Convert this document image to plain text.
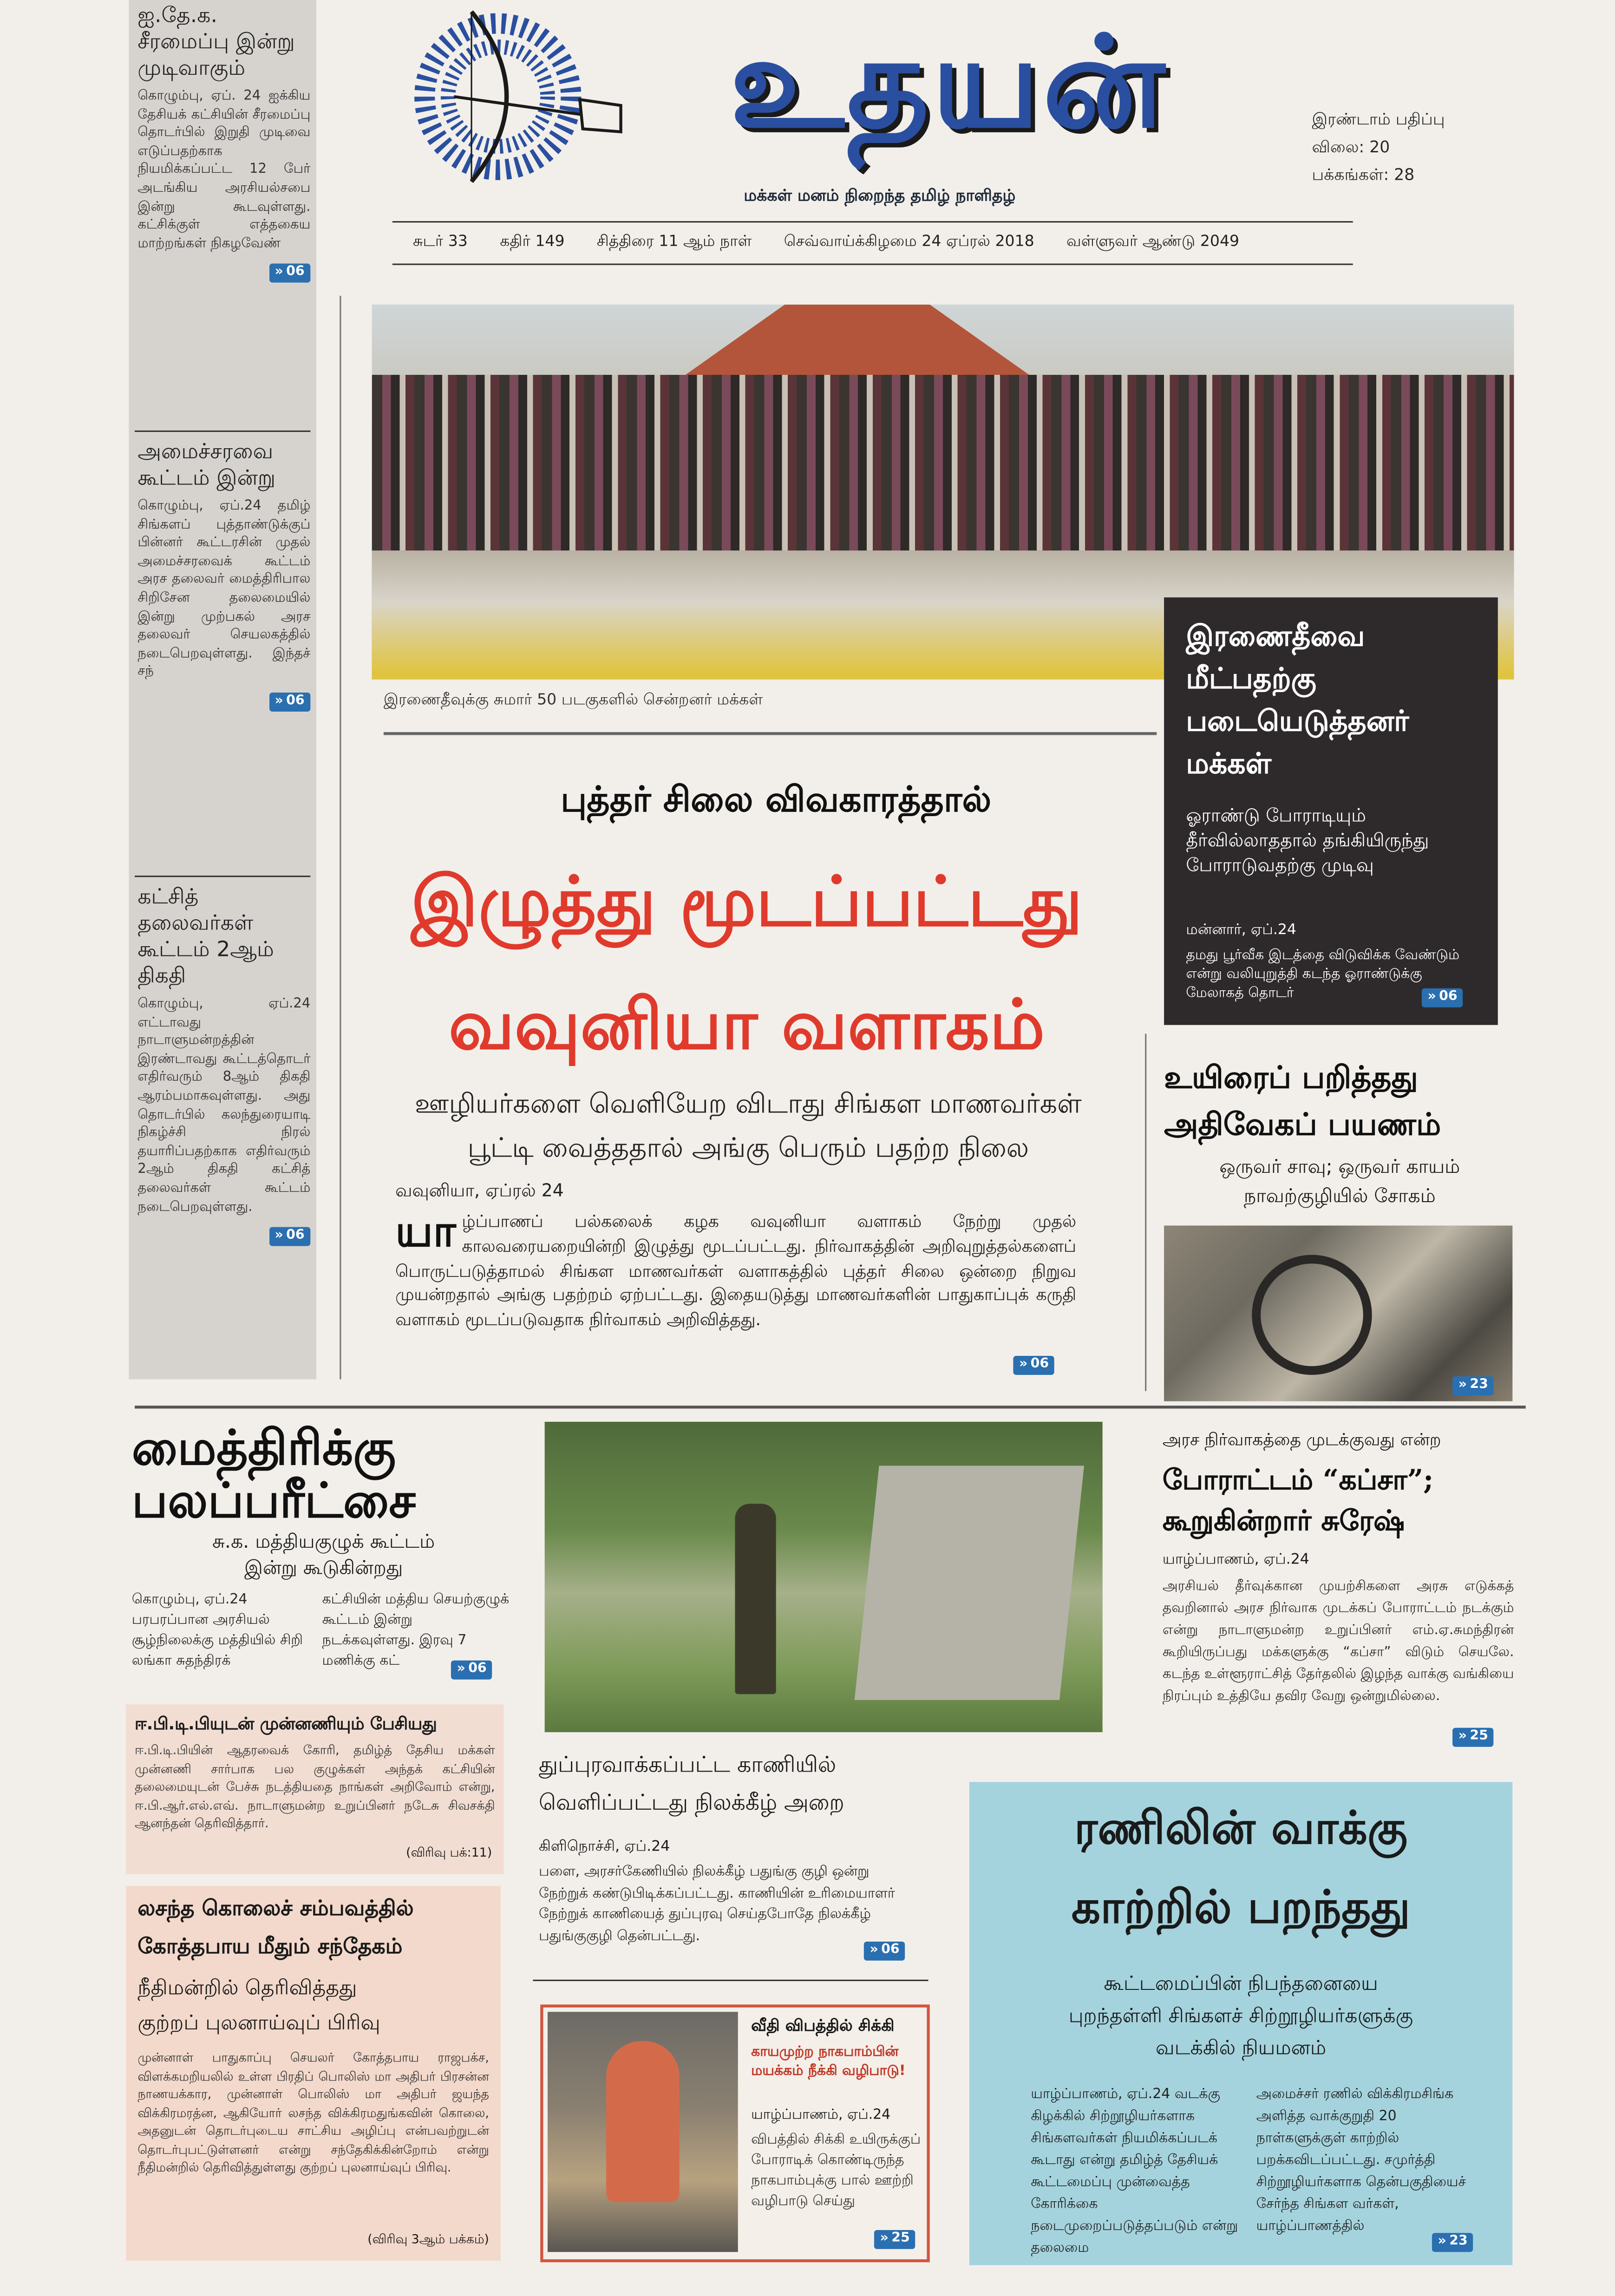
ஐ.தே.க. சீரமைப்பு இன்று முடிவாகும்
கொழும்பு, ஏப். 24 ஐக்கிய தேசியக் கட்சியின் சீரமைப்பு தொடர்பில் இறுதி முடிவை எடுப்பதற்காக நியமிக்கப்பட்ட 12 பேர் அடங்கிய அரசியல்சபை இன்று கூடவுள்ளது. கட்சிக்குள் எத்தகைய மாற்றங்கள் நிகழவேண்
» 06
அமைச்சரவை கூட்டம் இன்று
கொழும்பு, ஏப்.24 தமிழ் சிங்களப் புத்தாண்டுக்குப் பின்னர் கூட்டரசின் முதல் அமைச்சரவைக் கூட்டம் அரச தலைவர் மைத்திரிபால சிறிசேன தலைமையில் இன்று முற்பகல் அரச தலைவர் செயலகத்தில் நடைபெறவுள்ளது. இந்தச் சந்
» 06
கட்சித் தலைவர்கள் கூட்டம் 2ஆம் திகதி
கொழும்பு, ஏப்.24 எட்டாவது நாடாளுமன்றத்தின் இரண்டாவது கூட்டத்தொடர் எதிர்வரும் 8ஆம் திகதி ஆரம்பமாகவுள்ளது. அது தொடர்பில் கலந்துரையாடி நிகழ்ச்சி நிரல் தயாரிப்பதற்காக எதிர்வரும் 2ஆம் திகதி கட்சித் தலைவர்கள் கூட்டம் நடைபெறவுள்ளது.
» 06
உதயன்
மக்கள் மனம் நிறைந்த தமிழ் நாளிதழ்
இரண்டாம் பதிப்பு
விலை: 20
பக்கங்கள்: 28
சுடர் 33	கதிர் 149	சித்திரை 11 ஆம் நாள்	செவ்வாய்க்கிழமை 24 ஏப்ரல் 2018	வள்ளுவர் ஆண்டு 2049
இரணைதீவுக்கு சுமார் 50 படகுகளில் சென்றனர் மக்கள்
இரணைதீவை மீட்பதற்கு படையெடுத்தனர் மக்கள்
ஓராண்டு போராடியும் தீர்வில்லாததால் தங்கியிருந்து போராடுவதற்கு முடிவு
மன்னார், ஏப்.24
தமது பூர்வீக இடத்தை விடுவிக்க வேண்டும் என்று வலியுறுத்தி கடந்த ஓராண்டுக்கு மேலாகத் தொடர்	» 06
புத்தர் சிலை விவகாரத்தால்
இழுத்து மூடப்பட்டது
வவுனியா வளாகம்
ஊழியர்களை வெளியேற விடாது சிங்கள மாணவர்கள்
பூட்டி வைத்ததால் அங்கு பெரும் பதற்ற நிலை
வவுனியா, ஏப்ரல் 24
யா ழ்ப்பாணப் பல்கலைக் கழக வவுனியா வளாகம் நேற்று முதல் காலவரையறையின்றி இழுத்து மூடப்பட்டது. நிர்வாகத்தின் அறிவுறுத்தல்களைப் பொருட்படுத்தாமல் சிங்கள மாணவர்கள் வளாகத்தில் புத்தர் சிலை ஒன்றை நிறுவ முயன்றதால் அங்கு பதற்றம் ஏற்பட்டது. இதையடுத்து மாணவர்களின் பாதுகாப்புக் கருதி வளாகம் மூடப்படுவதாக நிர்வாகம் அறிவித்தது.
» 06
உயிரைப் பறித்தது
அதிவேகப் பயணம்
ஒருவர் சாவு; ஒருவர் காயம்
நாவற்குழியில் சோகம்
» 23
மைத்திரிக்கு
பலப்பரீட்சை
சு.க. மத்தியகுழுக் கூட்டம்
இன்று கூடுகின்றது
கொழும்பு, ஏப்.24 பரபரப்பான அரசியல் சூழ்நிலைக்கு மத்தியில் சிறி லங்கா சுதந்திரக்
கட்சியின் மத்திய செயற்குழுக் கூட்டம் இன்று நடக்கவுள்ளது. இரவு 7 மணிக்கு கட்	» 06
ஈ.பி.டி.பியுடன் முன்னணியும் பேசியது
ஈ.பி.டி.பியின் ஆதரவைக் கோரி, தமிழ்த் தேசிய மக்கள் முன்னணி சார்பாக பல குழுக்கள் அந்தக் கட்சியின் தலைமையுடன் பேச்சு நடத்தியதை நாங்கள் அறிவோம் என்று, ஈ.பி.ஆர்.எல்.எவ். நாடாளுமன்ற உறுப்பினர் நடேசு சிவசக்தி ஆனந்தன் தெரிவித்தார்.
(விரிவு பக்:11)
லசந்த கொலைச் சம்பவத்தில்
கோத்தபாய மீதும் சந்தேகம்
நீதிமன்றில் தெரிவித்தது
குற்றப் புலனாய்வுப் பிரிவு
முன்னாள் பாதுகாப்பு செயலர் கோத்தபாய ராஜபக்ச, விளக்கமறியலில் உள்ள பிரதிப் பொலிஸ் மா அதிபர் பிரசன்ன நாணயக்கார, முன்னாள் பொலிஸ் மா அதிபர் ஜயந்த விக்கிரமரத்ன, ஆகியோர் லசந்த விக்கிரமதுங்கவின் கொலை, அதனுடன் தொடர்புடைய சாட்சிய அழிப்பு என்பவற்றுடன் தொடர்புபட்டுள்ளனர் என்று சந்தேகிக்கின்றோம் என்று நீதிமன்றில் தெரிவித்துள்ளது குற்றப் புலனாய்வுப் பிரிவு.
(விரிவு 3ஆம் பக்கம்)
துப்புரவாக்கப்பட்ட காணியில்
வெளிப்பட்டது நிலக்கீழ் அறை
கிளிநொச்சி, ஏப்.24
பளை, அரசர்கேணியில் நிலக்கீழ் பதுங்கு குழி ஒன்று நேற்றுக் கண்டுபிடிக்கப்பட்டது. காணியின் உரிமையாளர் நேற்றுக் காணியைத் துப்புரவு செய்தபோதே நிலக்கீழ் பதுங்குகுழி தென்பட்டது.
» 06
வீதி விபத்தில் சிக்கி
காயமுற்ற நாகபாம்பின் மயக்கம் நீக்கி வழிபாடு!
யாழ்ப்பாணம், ஏப்.24
விபத்தில் சிக்கி உயிருக்குப் போராடிக் கொண்டிருந்த நாகபாம்புக்கு பால் ஊற்றி வழிபாடு செய்து
» 25
அரச நிர்வாகத்தை முடக்குவது என்ற
போராட்டம் “கப்சா”;
கூறுகின்றார் சுரேஷ்
யாழ்ப்பாணம், ஏப்.24
அரசியல் தீர்வுக்கான முயற்சிகளை அரசு எடுக்கத் தவறினால் அரச நிர்வாக முடக்கப் போராட்டம் நடக்கும் என்று நாடாளுமன்ற உறுப்பினர் எம்.ஏ.சுமந்திரன் கூறியிருப்பது மக்களுக்கு “கப்சா” விடும் செயலே. கடந்த உள்ளூராட்சித் தேர்தலில் இழந்த வாக்கு வங்கியை நிரப்பும் உத்தியே தவிர வேறு ஒன்றுமில்லை.
» 25
ரணிலின் வாக்கு
காற்றில் பறந்தது
கூட்டமைப்பின் நிபந்தனையை
புறந்தள்ளி சிங்களச் சிற்றூழியர்களுக்கு
வடக்கில் நியமனம்
யாழ்ப்பாணம், ஏப்.24 வடக்கு கிழக்கில் சிற்றூழியர்களாக சிங்களவர்கள் நியமிக்கப்படக் கூடாது என்று தமிழ்த் தேசியக் கூட்டமைப்பு முன்வைத்த கோரிக்கை நடைமுறைப்படுத்தப்படும் என்று தலைமை
அமைச்சர் ரணில் விக்கிரமசிங்க அளித்த வாக்குறுதி 20 நாள்களுக்குள் காற்றில் பறக்கவிடப்பட்டது. சமுர்த்தி சிற்றூழியர்களாக தென்பகுதியைச் சேர்ந்த சிங்கள வர்கள், யாழ்ப்பாணத்தில்
» 23
